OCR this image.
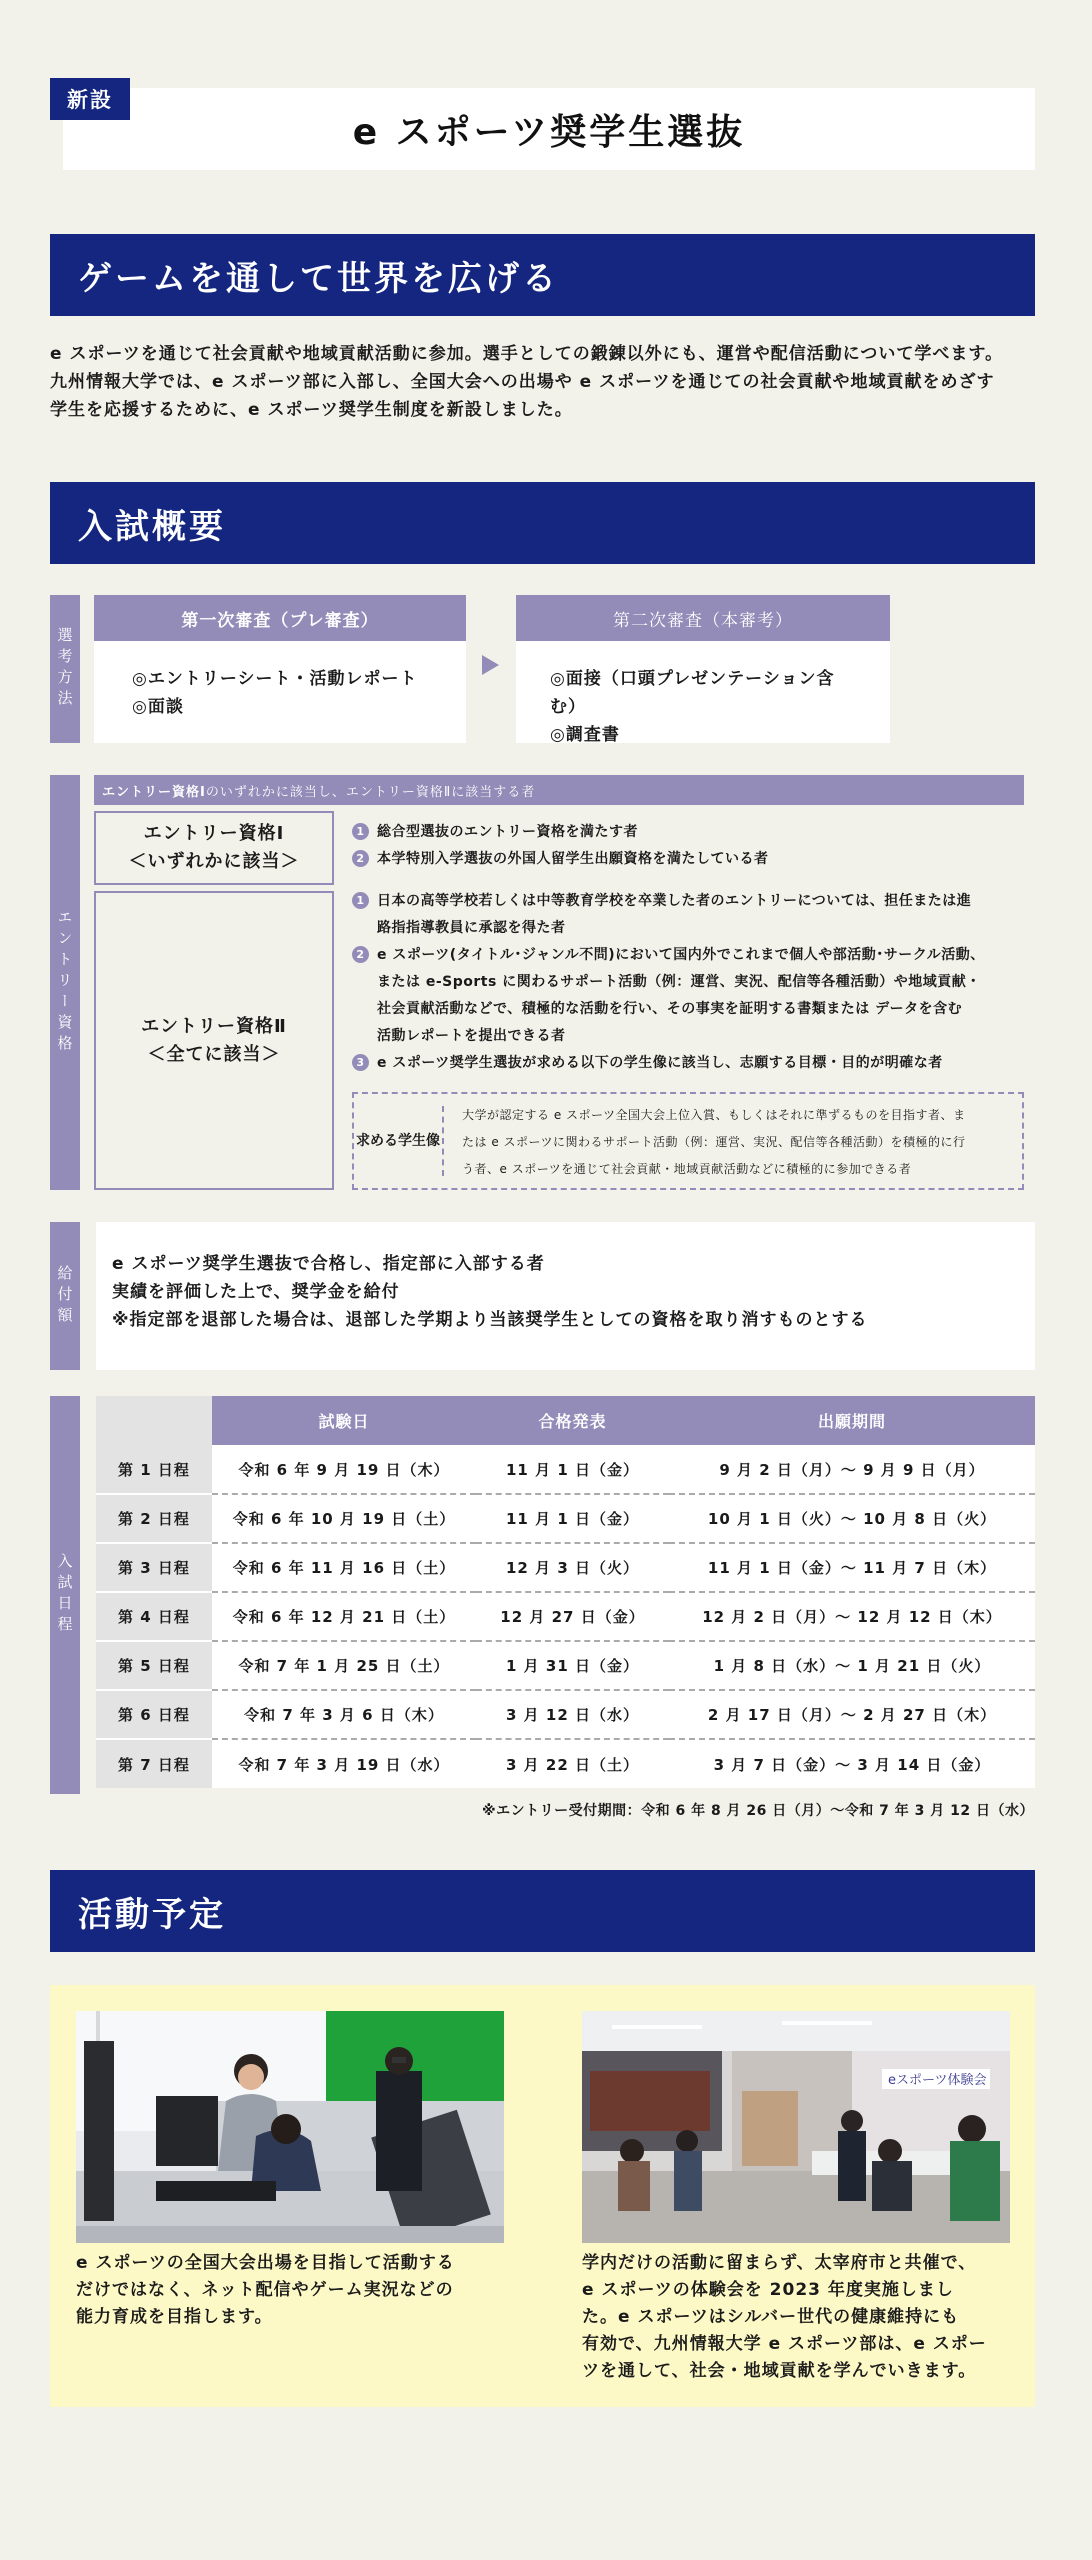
新設
e スポーツ奨学生選抜
ゲームを通して世界を広げる
e スポーツを通じて社会貢献や地域貢献活動に参加。選手としての鍛錬以外にも、運営や配信活動について学べます。
九州情報大学では、e スポーツ部に入部し、全国大会への出場や e スポーツを通じての社会貢献や地域貢献をめざす
学生を応援するために、e スポーツ奨学生制度を新設しました。
入試概要
選考方法
第一次審査（プレ審査）
◎エントリーシート・活動レポート
◎面談
第二次審査（本審考）
◎面接（口頭プレゼンテーション含む）
◎調査書
エントリー資格
エントリー資格Ⅰ のいずれかに該当し、エントリー資格Ⅱに該当する者
エントリー資格Ⅰ
＜いずれかに該当＞
エントリー資格Ⅱ
＜全てに該当＞
1 総合型選抜のエントリー資格を満たす者
2 本学特別入学選抜の外国人留学生出願資格を満たしている者
1 日本の高等学校若しくは中等教育学校を卒業した者のエントリーについては、担任または進
路指指導教員に承認を得た者
2 e スポーツ(タイトル･ジャンル不問)において国内外でこれまで個人や部活動･サークル活動、
または e-Sports に関わるサポート活動（例：運営、実況、配信等各種活動）や地域貢献・
社会貢献活動などで、積極的な活動を行い、その事実を証明する書類または データを含む
活動レポートを提出できる者
3 e スポーツ奨学生選抜が求める以下の学生像に該当し、志願する目標・目的が明確な者
求める 学生像
大学が認定する e スポーツ全国大会上位入賞、もしくはそれに準ずるものを目指す者、ま
たは e スポーツに関わるサポート活動（例：運営、実況、配信等各種活動）を積極的に行
う者、e スポーツを通じて社会貢献・地域貢献活動などに積極的に参加できる者
給付額
e スポーツ奨学生選抜で合格し、指定部に入部する者
実績を評価した上で、奨学金を給付
※指定部を退部した場合は、退部した学期より当該奨学生としての資格を取り消すものとする
入試日程
	試験日	合格発表	出願期間
第 1 日程	令和 6 年 9 月 19 日（木）	11 月 1 日（金）	9 月 2 日（月）～ 9 月 9 日（月）
第 2 日程	令和 6 年 10 月 19 日（土）	11 月 1 日（金）	10 月 1 日（火）～ 10 月 8 日（火）
第 3 日程	令和 6 年 11 月 16 日（土）	12 月 3 日（火）	11 月 1 日（金）～ 11 月 7 日（木）
第 4 日程	令和 6 年 12 月 21 日（土）	12 月 27 日（金）	12 月 2 日（月）～ 12 月 12 日（木）
第 5 日程	令和 7 年 1 月 25 日（土）	1 月 31 日（金）	1 月 8 日（水）～ 1 月 21 日（火）
第 6 日程	令和 7 年 3 月 6 日（木）	3 月 12 日（水）	2 月 17 日（月）～ 2 月 27 日（木）
第 7 日程	令和 7 年 3 月 19 日（水）	3 月 22 日（土）	3 月 7 日（金）～ 3 月 14 日（金）
※エントリー受付期間：令和 6 年 8 月 26 日（月）～令和 7 年 3 月 12 日（水）
活動予定
eスポーツ体験会
e スポーツの全国大会出場を目指して活動する
だけではなく、ネット配信やゲーム実況などの
能力育成を目指します。
学内だけの活動に留まらず、太宰府市と共催で、
e スポーツの体験会を 2023 年度実施しまし
た。e スポーツはシルバー世代の健康維持にも
有効で、九州情報大学 e スポーツ部は、e スポー
ツを通して、社会・地域貢献を学んでいきます。
